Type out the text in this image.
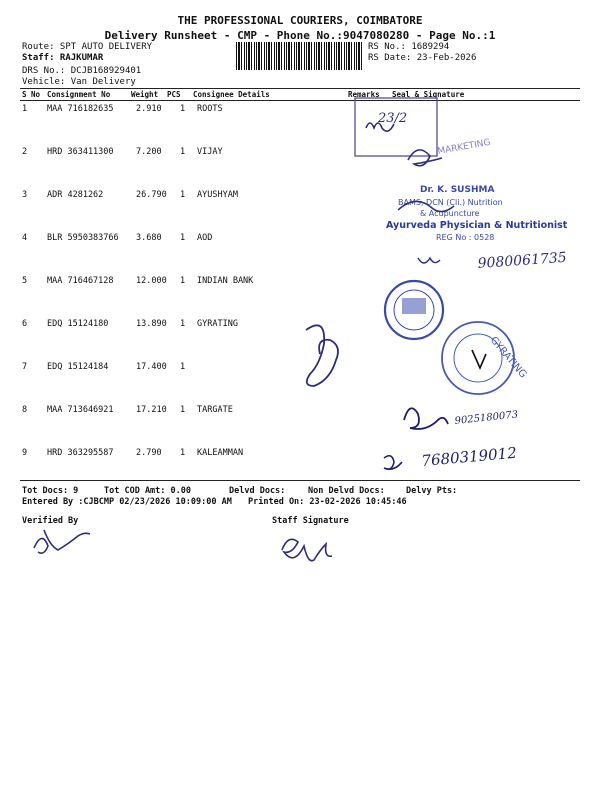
THE PROFESSIONAL COURIERS, COIMBATORE
Delivery Runsheet - CMP - Phone No.:9047080280 - Page No.:1
Route: SPT AUTO DELIVERY
Staff: RAJKUMAR
DRS No.: DCJB168929401
Vehicle: Van Delivery
RS No.: 1689294
RS Date: 23-Feb-2026
S No Consignment No	Weight PCS Consignee Details	Remarks Seal & Signature
1 MAA 716182635	2.910 1 ROOTS
2 HRD 363411300	7.200 1 VIJAY
3 ADR 4281262	26.790 1 AYUSHYAM
4 BLR 5950383766 3.680 1 AOD
5 MAA 716467128	12.000 1 INDIAN BANK
6 EDQ 15124180	13.890 1 GYRATING
7 EDQ 15124184	17.400 1
8 MAA 713646921	17.210 1 TARGATE
9 HRD 363295587	2.790 1 KALEAMMAN
23/2
MARKETING
Dr. K. SUSHMA
BAMS, DCN (Cli.) Nutrition
& Acupuncture
Ayurveda Physician & Nutritionist
REG No : 0528
9080061735
GYRATING
9025180073
7680319012
Tot Docs: 9	Tot COD Amt: 0.00	Delvd Docs:	Non Delvd Docs: Delvy Pts:
Entered By :CJBCMP 02/23/2026 10:09:00 AM Printed On: 23-02-2026 10:45:46
Verified By	Staff Signature
